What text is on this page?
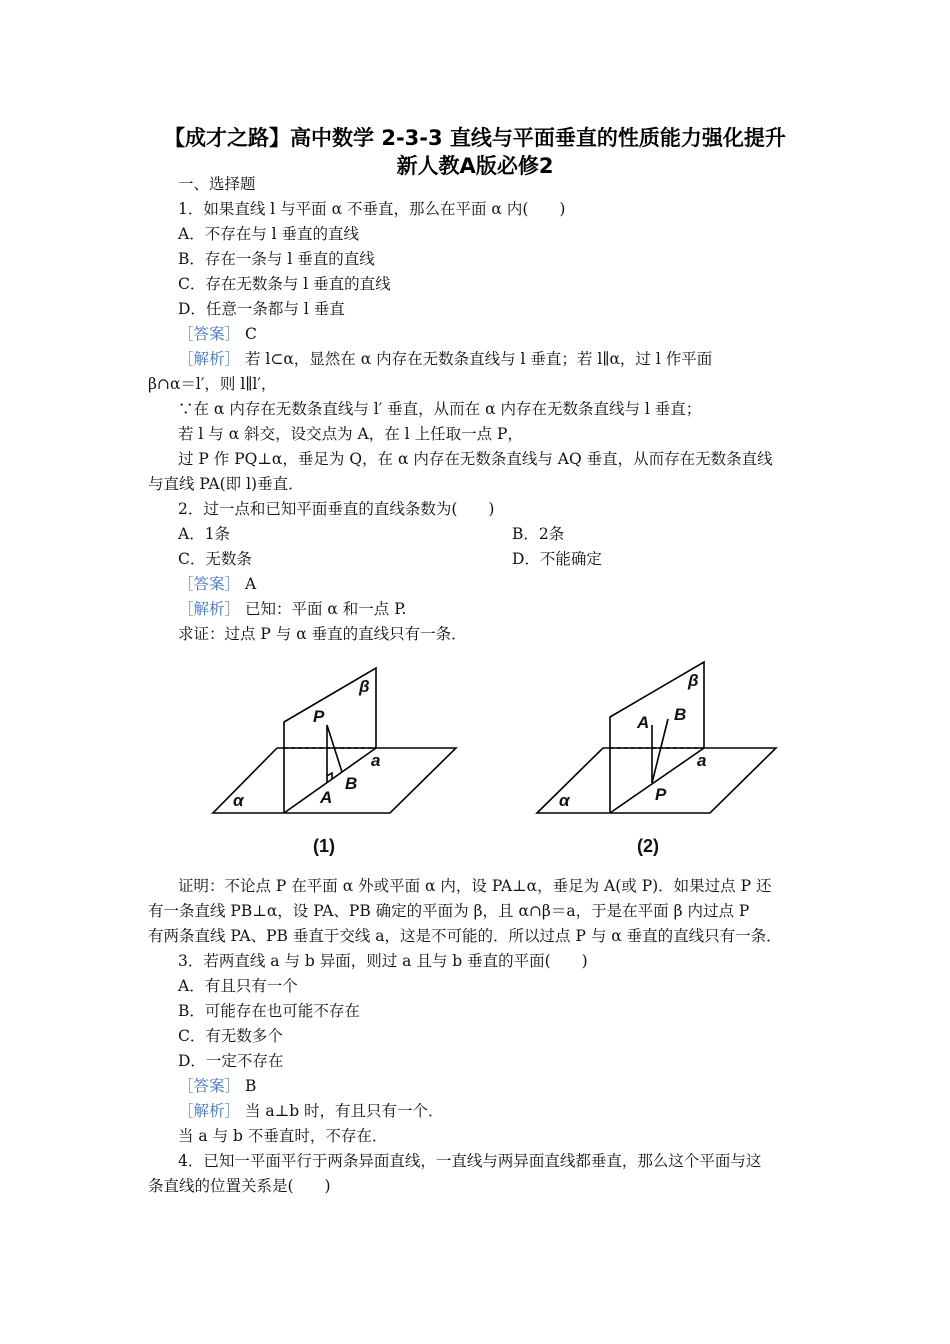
【成才之路】高中数学 2-3-3 直线与平面垂直的性质能力强化提升
新人教A版必修2
一、选择题
1．如果直线 l 与平面 α 不垂直，那么在平面 α 内(　　)
A．不存在与 l 垂直的直线
B．存在一条与 l 垂直的直线
C．存在无数条与 l 垂直的直线
D．任意一条都与 l 垂直
［答案］ C
［解析］ 若 l⊂α，显然在 α 内存在无数条直线与 l 垂直；若 l∥α，过 l 作平面
β∩α＝l′，则 l∥l′，
∵在 α 内存在无数条直线与 l′ 垂直，从而在 α 内存在无数条直线与 l 垂直；
若 l 与 α 斜交，设交点为 A，在 l 上任取一点 P，
过 P 作 PQ⊥α，垂足为 Q，在 α 内存在无数条直线与 AQ 垂直，从而存在无数条直线
与直线 PA(即 l)垂直．
2．过一点和已知平面垂直的直线条数为(　　)
A．1条	B．2条
C．无数条	D．不能确定
［答案］ A
［解析］ 已知：平面 α 和一点 P.
求证：过点 P 与 α 垂直的直线只有一条．
β
P
a
A
B
α
(1)
β
A B
a
P
α
(2)
证明：不论点 P 在平面 α 外或平面 α 内，设 PA⊥α，垂足为 A(或 P)．如果过点 P 还
有一条直线 PB⊥α，设 PA、PB 确定的平面为 β，且 α∩β＝a，于是在平面 β 内过点 P
有两条直线 PA、PB 垂直于交线 a，这是不可能的．所以过点 P 与 α 垂直的直线只有一条．
3．若两直线 a 与 b 异面，则过 a 且与 b 垂直的平面(　　)
A．有且只有一个
B．可能存在也可能不存在
C．有无数多个
D．一定不存在
［答案］ B
［解析］ 当 a⊥b 时，有且只有一个．
当 a 与 b 不垂直时，不存在．
4．已知一平面平行于两条异面直线，一直线与两异面直线都垂直，那么这个平面与这
条直线的位置关系是(　　)
